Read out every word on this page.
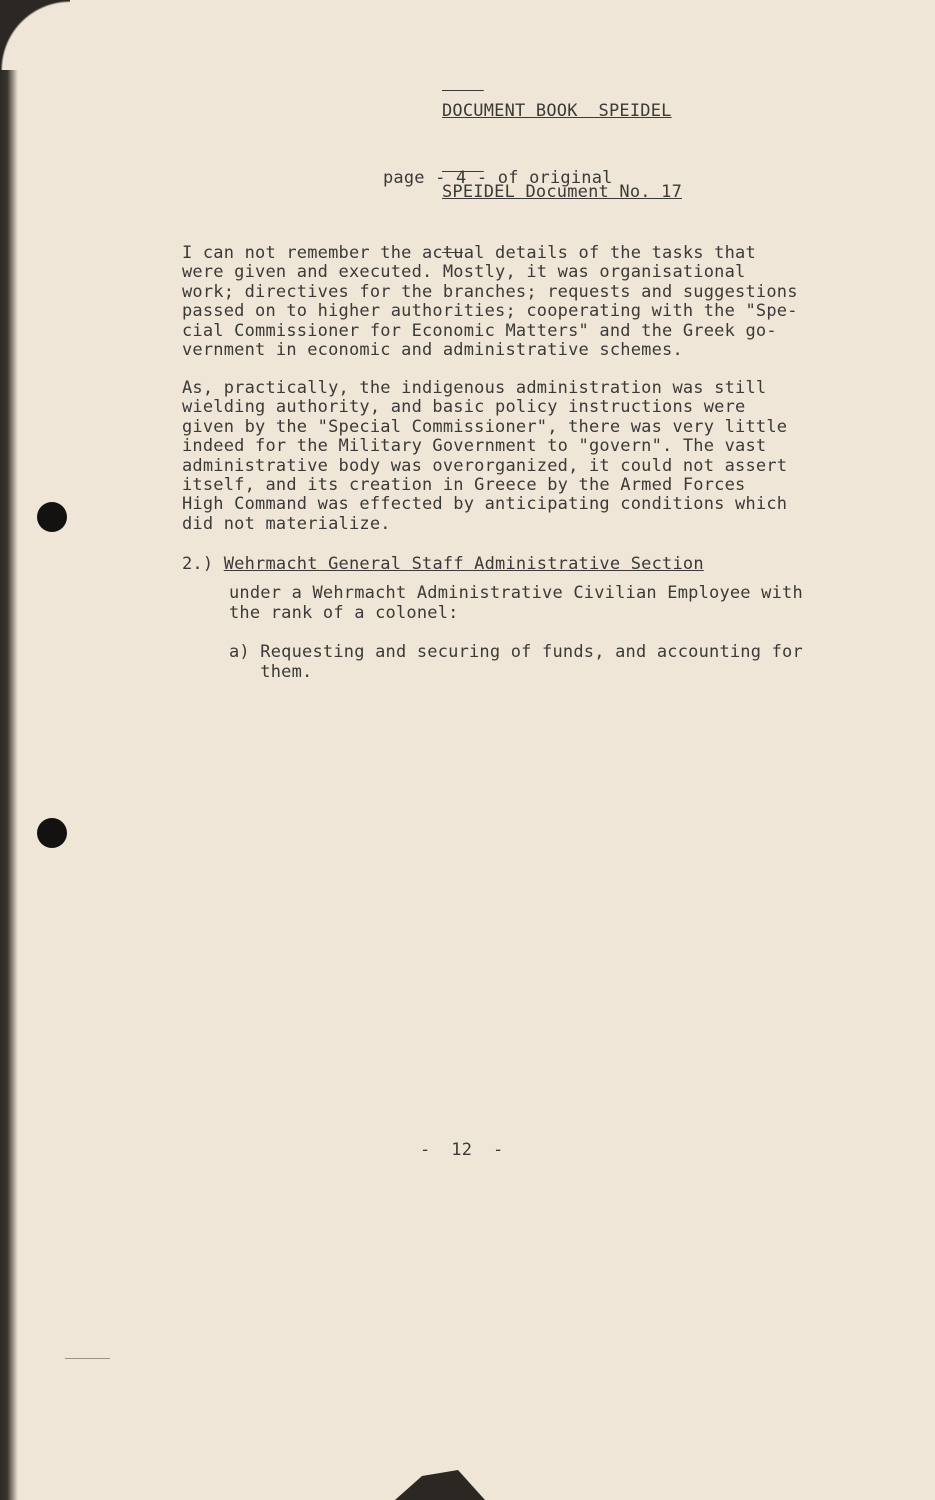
DOCUMENT BOOK  SPEIDEL

SPEIDEL Document No. 17

page - 4 - of original

I can not remember the actual details of the tasks that
were given and executed. Mostly, it was organisational
work; directives for the branches; requests and suggestions
passed on to higher authorities; cooperating with the "Spe-
cial Commissioner for Economic Matters" and the Greek go-
vernment in economic and administrative schemes.

As, practically, the indigenous administration was still
wielding authority, and basic policy instructions were
given by the "Special Commissioner", there was very little
indeed for the Military Government to "govern". The vast
administrative body was overorganized, it could not assert
itself, and its creation in Greece by the Armed Forces
High Command was effected by anticipating conditions which
did not materialize.

2.) Wehrmacht General Staff Administrative Section
under a Wehrmacht Administrative Civilian Employee with
the rank of a colonel:
a) Requesting and securing of funds, and accounting for
them.
-  12  -
